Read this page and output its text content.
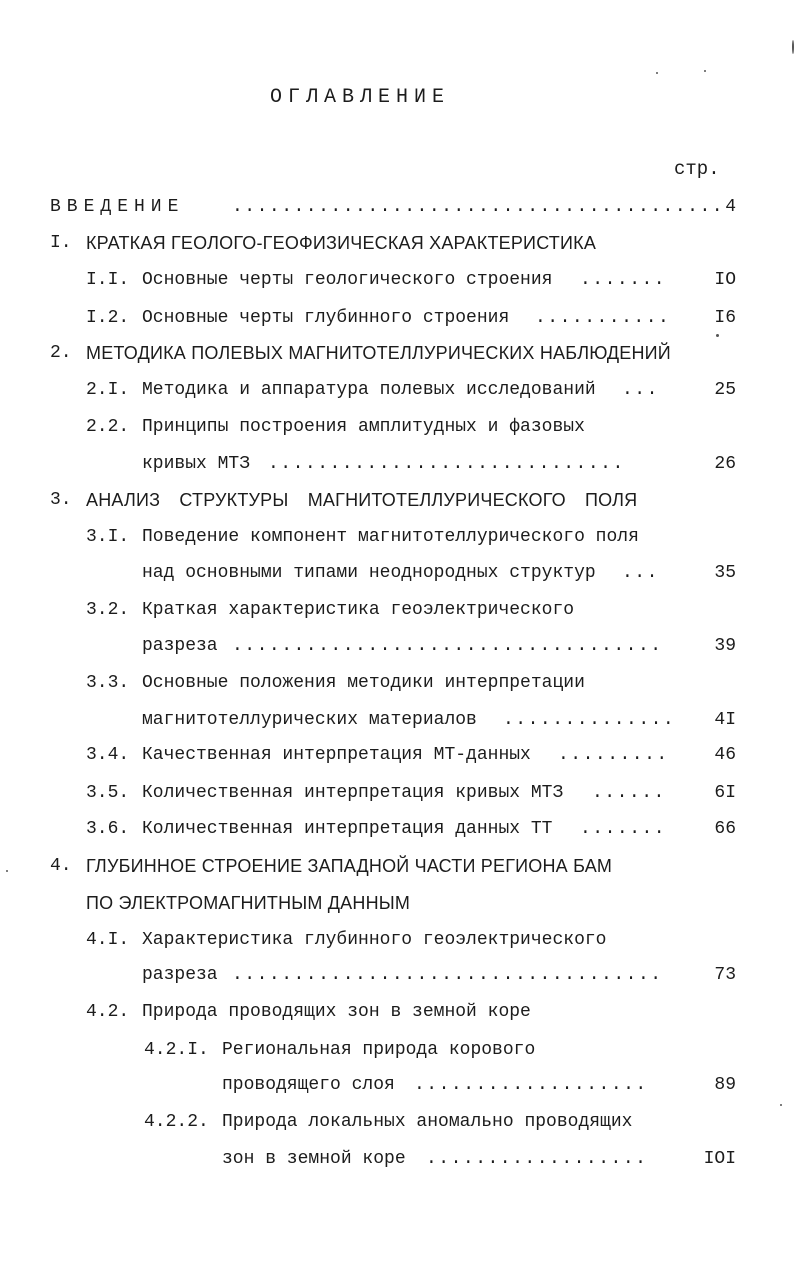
ОГЛАВЛЕНИЕ
стр.
ВВЕДЕНИЕ	........................................ 4
I. КРАТКАЯ ГЕОЛОГО-ГЕОФИЗИЧЕСКАЯ ХАРАКТЕРИСТИКА
I.I. Основные черты геологического строения .......	IO
I.2. Основные черты глубинного строения ...........	I6
2. МЕТОДИКА ПОЛЕВЫХ МАГНИТОТЕЛЛУРИЧЕСКИХ НАБЛЮДЕНИЙ
2.I. Методика и аппаратура полевых исследований ...	25
2.2. Принципы построения амплитудных и фазовых
кривых МТЗ .............................	26
3. АНАЛИЗ СТРУКТУРЫ МАГНИТОТЕЛЛУРИЧЕСКОГО ПОЛЯ
3.I. Поведение компонент магнитотеллурического поля
над основными типами неоднородных структур ...	35
3.2. Краткая характеристика геоэлектрического
разреза ...................................	39
3.3. Основные положения методики интерпретации
магнитотеллурических материалов ..............	4I
3.4. Качественная интерпретация МТ-данных .........	46
3.5. Количественная интерпретация кривых МТЗ ......	6I
3.6. Количественная интерпретация данных ТТ .......	66
4. ГЛУБИННОЕ СТРОЕНИЕ ЗАПАДНОЙ ЧАСТИ РЕГИОНА БАМ
ПО ЭЛЕКТРОМАГНИТНЫМ ДАННЫМ
4.I. Характеристика глубинного геоэлектрического
разреза ...................................	73
4.2. Природа проводящих зон в земной коре
4.2.I. Региональная природа корового
проводящего слоя ...................	89
4.2.2. Природа локальных аномально проводящих
зон в земной коре ..................	IOI
